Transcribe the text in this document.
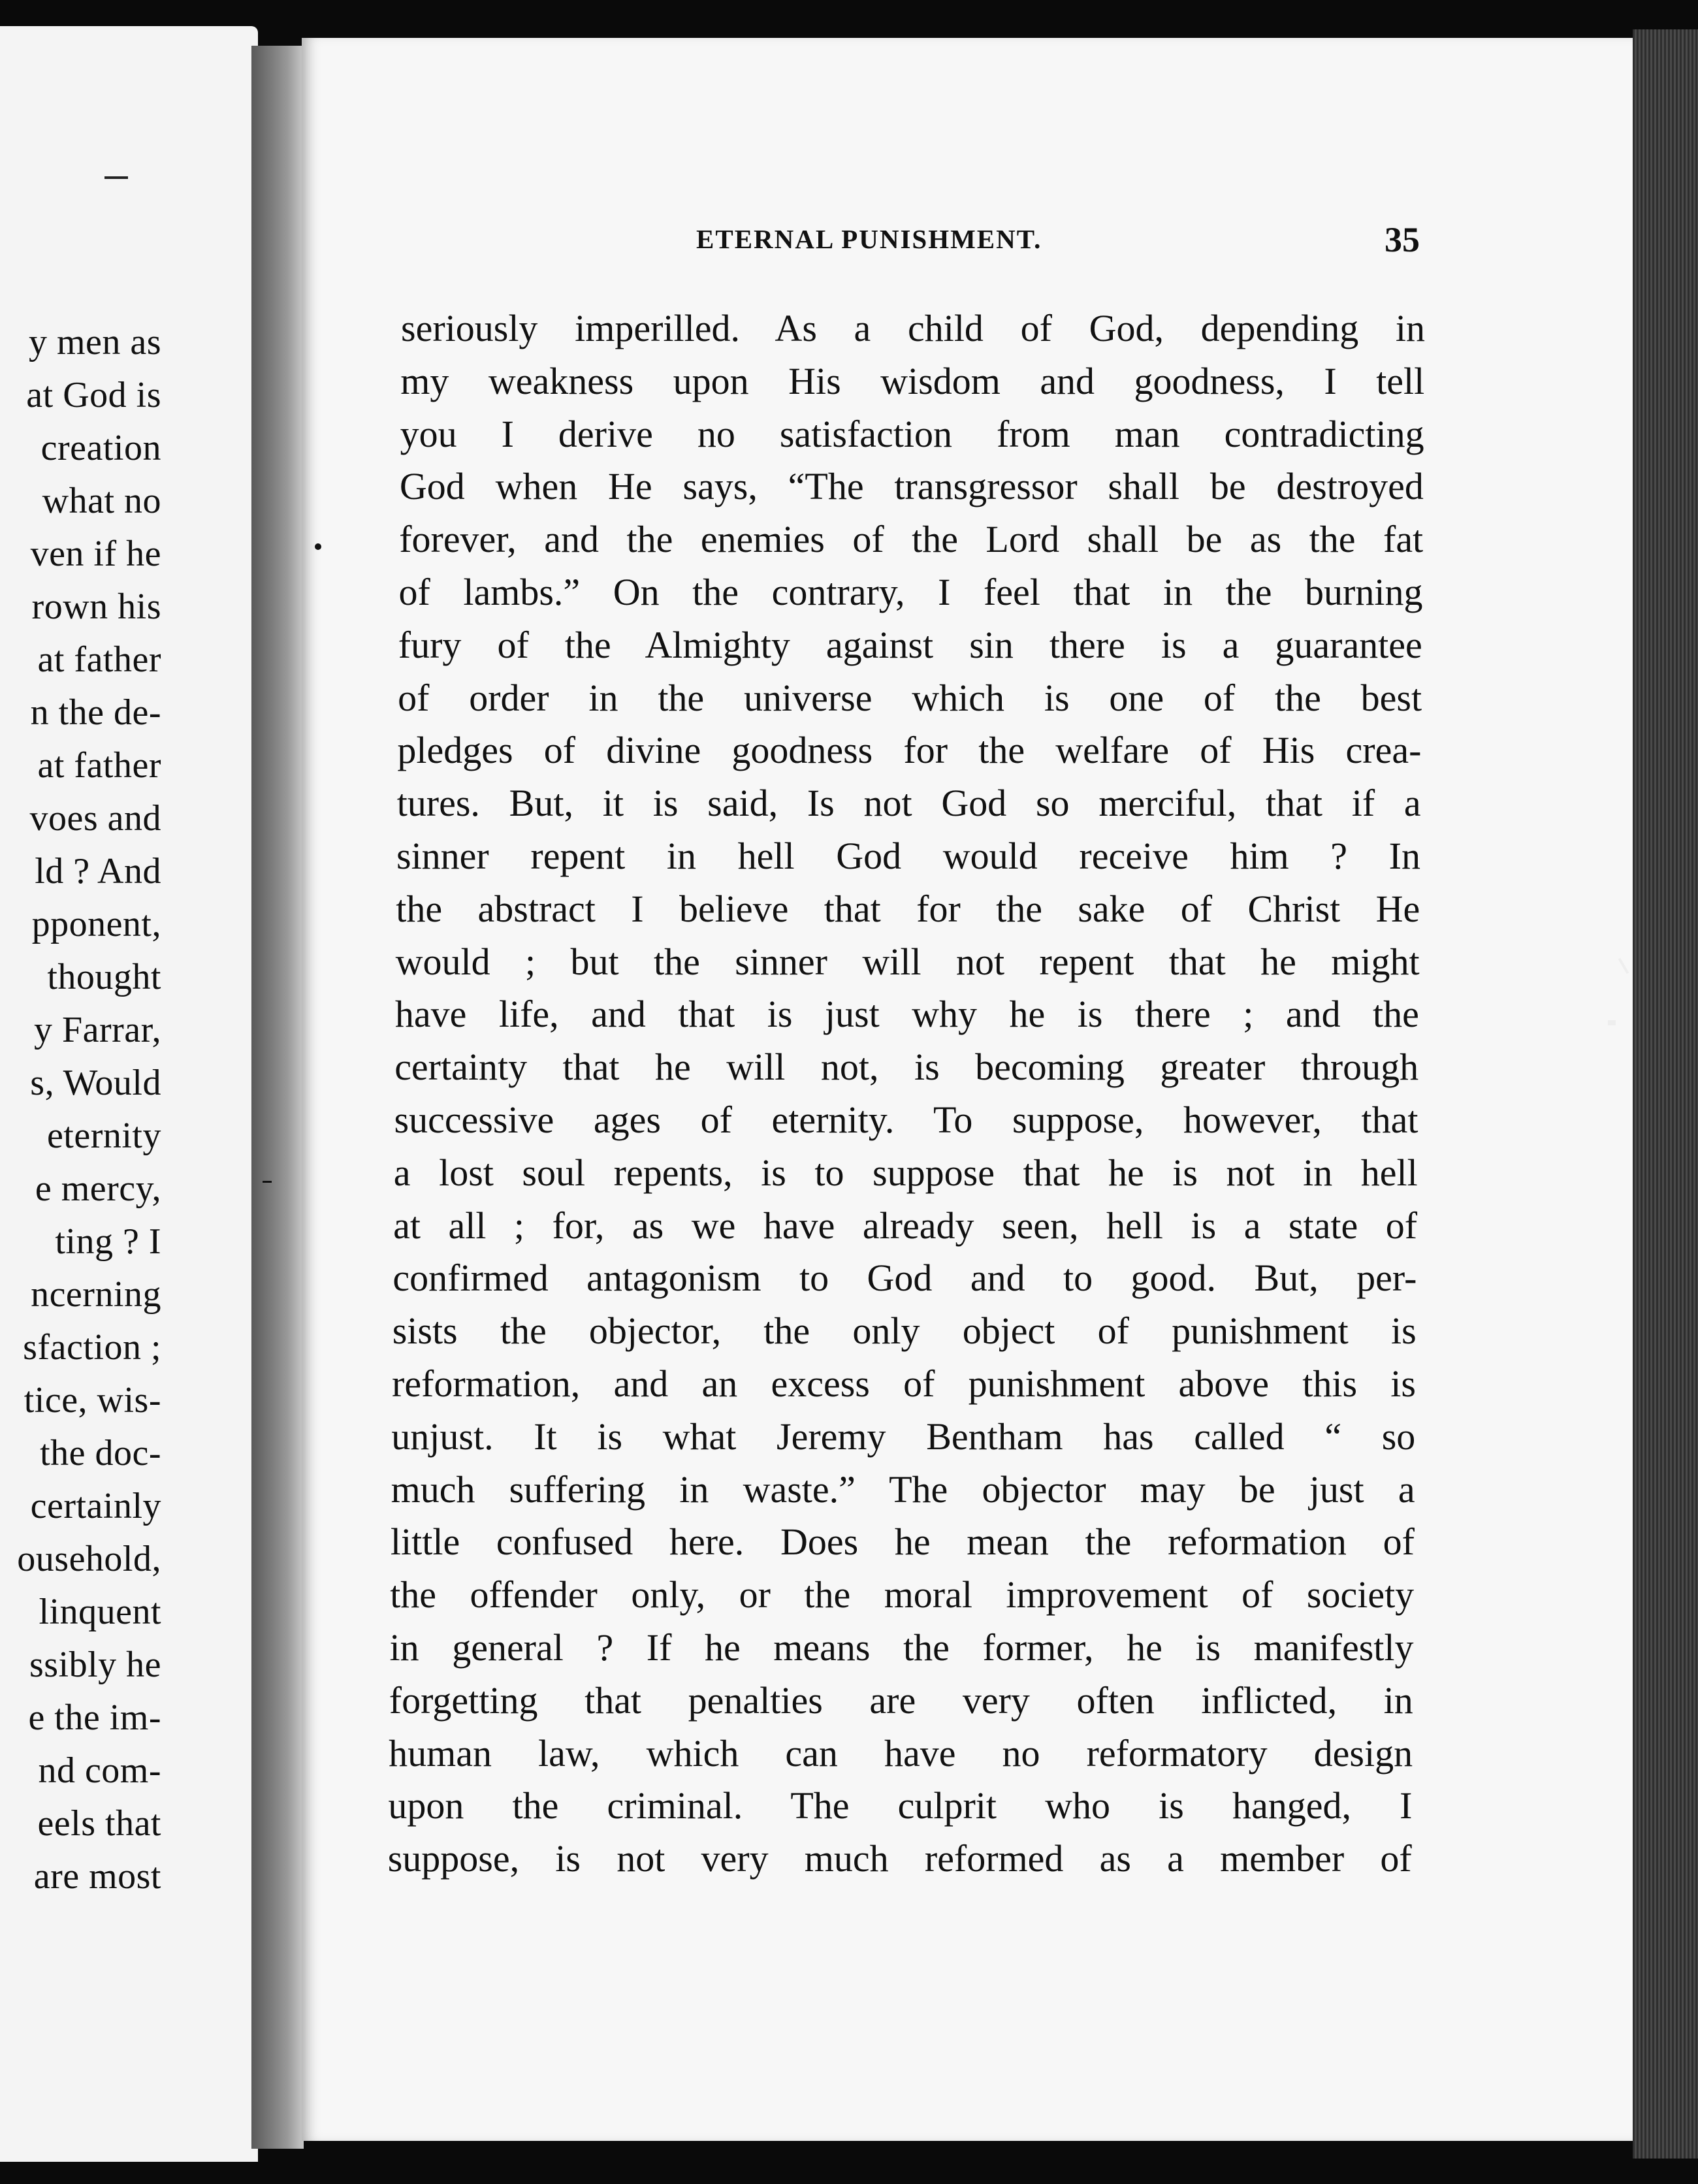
y men as
at God is
creation
what no
ven if he
rown his
at father
n the de-
at father
voes and
ld ? And
pponent,
thought
y Farrar,
s, Would
eternity
e mercy,
ting ? I
ncerning
sfaction ;
tice, wis-
the doc-
certainly
ousehold,
linquent
ssibly he
e the im-
nd com-
eels that
are most
ETERNAL PUNISHMENT.	35
seriously imperilled. As a child of God, depending in
my weakness upon His wisdom and goodness, I tell
you I derive no satisfaction from man contradicting
God when He says, “The transgressor shall be destroyed
forever, and the enemies of the Lord shall be as the fat
of lambs.” On the contrary, I feel that in the burning
fury of the Almighty against sin there is a guarantee
of order in the universe which is one of the best
pledges of divine goodness for the welfare of His crea-
tures. But, it is said, Is not God so merciful, that if a
sinner repent in hell God would receive him ? In
the abstract I believe that for the sake of Christ He
would ; but the sinner will not repent that he might
have life, and that is just why he is there ; and the
certainty that he will not, is becoming greater through
successive ages of eternity. To suppose, however, that
a lost soul repents, is to suppose that he is not in hell
at all ; for, as we have already seen, hell is a state of
confirmed antagonism to God and to good. But, per-
sists the objector, the only object of punishment is
reformation, and an excess of punishment above this is
unjust. It is what Jeremy Bentham has called “ so
much suffering in waste.” The objector may be just a
little confused here. Does he mean the reformation of
the offender only, or the moral improvement of society
in general ? If he means the former, he is manifestly
forgetting that penalties are very often inflicted, in
human law, which can have no reformatory design
upon the criminal. The culprit who is hanged, I
suppose, is not very much reformed as a member of
